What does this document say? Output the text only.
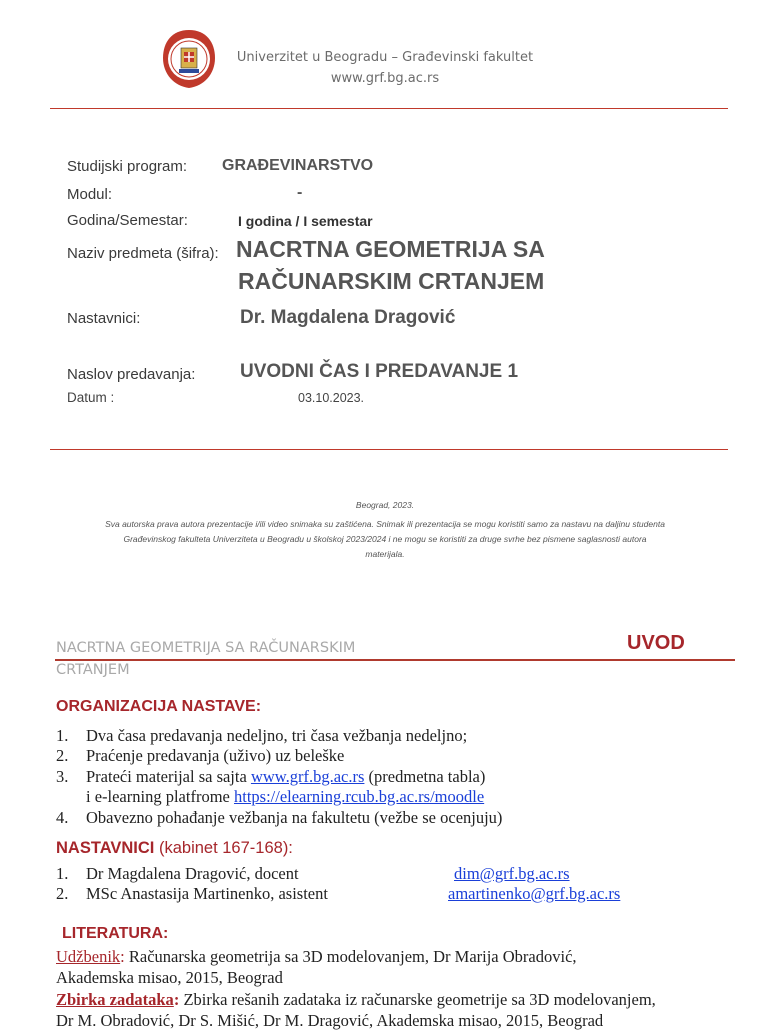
Univerzitet u Beogradu – Građevinski fakultet
www.grf.bg.ac.rs
Studijski program: GRAĐEVINARSTVO
Modul:	-
Godina/Semestar:	I godina / I semestar
Naziv predmeta (šifra): NACRTNA GEOMETRIJA SA
RAČUNARSKIM CRTANJEM
Nastavnici:	Dr. Magdalena Dragović
Naslov predavanja: UVODNI ČAS I PREDAVANJE 1
Datum :	03.10.2023.
Beograd, 2023.
Sva autorska prava autora prezentacije i/ili video snimaka su zaštićena. Snimak ili prezentacija se mogu koristiti samo za nastavu na daljinu studenta
Građevinskog fakulteta Univerziteta u Beogradu u školskoj 2023/2024 i ne mogu se koristiti za druge svrhe bez pismene saglasnosti autora
materijala.
NACRTNA GEOMETRIJA SA RAČUNARSKIM
CRTANJEM
UVOD
ORGANIZACIJA NASTAVE:
1. Dva časa predavanja nedeljno, tri časa vežbanja nedeljno;
2. Praćenje predavanja (uživo) uz beleške
3. Prateći materijal sa sajta www.grf.bg.ac.rs (predmetna tabla)
i e-learning platfrome https://elearning.rcub.bg.ac.rs/moodle
4. Obavezno pohađanje vežbanja na fakultetu (vežbe se ocenjuju)
NASTAVNICI (kabinet 167-168):
1. Dr Magdalena Dragović, docent	dim@grf.bg.ac.rs
2. MSc Anastasija Martinenko, asistent	amartinenko@grf.bg.ac.rs
LITERATURA:
Udžbenik: Računarska geometrija sa 3D modelovanjem, Dr Marija Obradović,
Akademska misao, 2015, Beograd
Zbirka zadataka: Zbirka rešanih zadataka iz računarske geometrije sa 3D modelovanjem,
Dr M. Obradović, Dr S. Mišić, Dr M. Dragović, Akademska misao, 2015, Beograd
